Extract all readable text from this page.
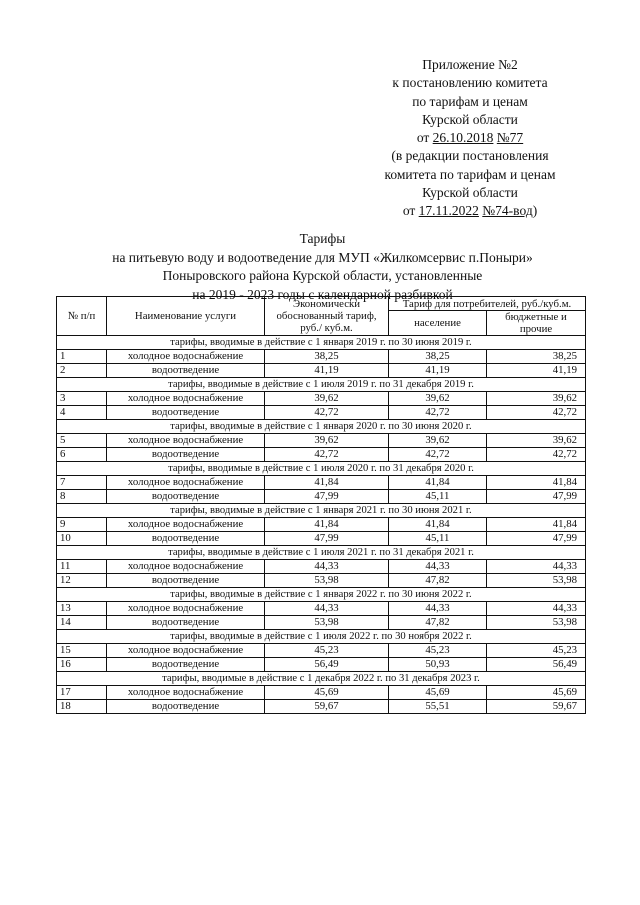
Приложение №2
к постановлению комитета
по тарифам и ценам
Курской области
от 26.10.2018 №77
(в редакции постановления
комитета по тарифам и ценам
Курской области
от 17.11.2022 №74-вод)
Тарифы
на питьевую воду и водоотведение для МУП «Жилкомсервис п.Поныри»
Поныровского района Курской области, установленные
на 2019 - 2023 годы с календарной разбивкой
№ п/п	Наименование услуги	Экономически обоснованный тариф, руб./ куб.м.	Тариф для потребителей, руб./куб.м.	
			население	бюджетные и прочие
тарифы, вводимые в действие с 1 января 2019 г. по 30 июня 2019 г.				
1	холодное водоснабжение	38,25	38,25	38,25
2	водоотведение	41,19	41,19	41,19
тарифы, вводимые в действие с 1 июля 2019 г. по 31 декабря 2019 г.				
3	холодное водоснабжение	39,62	39,62	39,62
4	водоотведение	42,72	42,72	42,72
тарифы, вводимые в действие с 1 января 2020 г. по 30 июня 2020 г.				
5	холодное водоснабжение	39,62	39,62	39,62
6	водоотведение	42,72	42,72	42,72
тарифы, вводимые в действие с 1 июля 2020 г. по 31 декабря 2020 г.				
7	холодное водоснабжение	41,84	41,84	41,84
8	водоотведение	47,99	45,11	47,99
тарифы, вводимые в действие с 1 января 2021 г. по 30 июня 2021 г.				
9	холодное водоснабжение	41,84	41,84	41,84
10	водоотведение	47,99	45,11	47,99
тарифы, вводимые в действие с 1 июля 2021 г. по 31 декабря 2021 г.				
11	холодное водоснабжение	44,33	44,33	44,33
12	водоотведение	53,98	47,82	53,98
тарифы, вводимые в действие с 1 января 2022 г. по 30 июня 2022 г.				
13	холодное водоснабжение	44,33	44,33	44,33
14	водоотведение	53,98	47,82	53,98
тарифы, вводимые в действие с 1 июля 2022 г. по 30 ноября 2022 г.				
15	холодное водоснабжение	45,23	45,23	45,23
16	водоотведение	56,49	50,93	56,49
тарифы, вводимые в действие с 1 декабря 2022 г. по 31 декабря 2023 г.				
17	холодное водоснабжение	45,69	45,69	45,69
18	водоотведение	59,67	55,51	59,67
